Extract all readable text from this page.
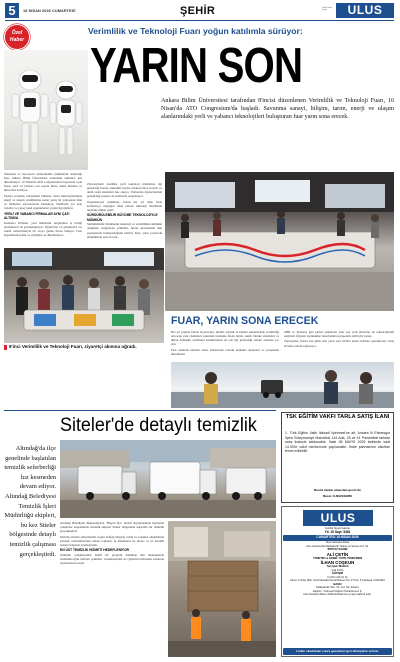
5	18 NİSAN 2026 CUMARTESİ	ŞEHİR	Günlük Siyasi Gazete	ULUS
Özel
Haber
Verimlilik ve Teknoloji Fuarı yoğun katılımla sürüyor:
YARIN SON
Ankara Bilim Üniversitesi tarafından 8'incisi düzenlenen Verimlilik ve Teknoloji Fuarı, 16 Nisan'da ATO Congresium'da başladı. Savunma sanayi, bilişim, tarım, enerji ve ulaşım alanlarındaki yerli ve yabancı teknolojileri buluşturan fuar yarın sona erecek.

Teknoloji ve inovasyon alanlarındaki yeniliklerin tanıtıldığı fuar, Ankara Bilim Üniversitesi tarafından sekizinci kez düzenleniyor. 16 Nisan'da ATO Congresium'da kapılarını açan fuara, yerli ve yabancı çok sayıda firma, kamu kurumu ve üniversite katılıyor.

Fuarda savunma sanayinden bilişime, tarım teknolojilerinden enerji ve ulaşım çözümlerine kadar geniş bir yelpazede ürün ve hizmetler ziyaretçilerle buluşuyor. Stantlarda yer alan robotlar ve yapay zekâ uygulamaları yoğun ilgi görüyor.

YERLİ VE YABANCI FİRMALAR AYNI ÇATI ALTINDA

Katılımcı firmalar, yeni ürünlerini sergilerken iş birliği görüşmeleri de gerçekleştiriyor. Öğrenciler ve girişimciler ise sektör temsilcileriyle bir araya gelme fırsatı buluyor. Fuar kapsamında panel ve söyleşiler de düzenleniyor.

Ziyaretçilerin özellikle yerli teknoloji ürünlerine ilgi gösterdiği fuarda, elektrikli araçlar, insansız hava araçları ve akıllı tarım sistemleri öne çıkıyor. Üniversite öğrencilerinin geliştirdiği projeler de stantlarda sergileniyor.

Organizasyon yetkilileri, fuarın her yıl daha fazla katılımcıya ulaştığını ifade ederek teknoloji üretiminin önemine dikkat çekti.

SÜRDÜRÜLEBİLİR BÜYÜME TEKNOLOJİYLE MÜMKÜN

Sürdürülebilir büyümenin teknoloji ve verimlilikle mümkün olduğunu vurgulayan yetkililer, fuarın ekosistemin tüm paydaşlarını buluşturduğunu belirtti. Fuar, yarın yapılacak etkinliklerle sona erecek.

FUAR, YARIN SONA ERECEK

Her yıl yapılan fuarda ziyaretçiler; üretim, lojistik ve hizmet sektörlerinde verimliliği artıracak yeni çözümleri yakından inceleme fırsatı buldu. Akıllı fabrika sistemleri ve dijital dönüşüm çözümleri katılımcıların en çok ilgi gösterdiği alanlar arasında yer aldı.

Fuar alanında kurulan demo alanlarında robotik kodlama atölyeleri ve yarışmalar düzenlendi.

ABB ve Siemens gibi global şirketlerin yanı sıra yerli üreticiler de teknolojilerini sergiledi. Öğrenci toplulukları hazırladıkları projelerle ödül için yarıştı.

Ziyaretçiler, fuarın son günü olan yarın saat 18.00'e kadar stantları gezebilecek. Giriş ücretsiz olarak sağlanıyor.

8'inci Verimlilik ve Teknoloji Fuarı, ziyaretçi akınına uğradı.
Siteler'de detaylı temizlik
Altındağ'da ilçe genelinde başlatılan temizlik seferberliği hız kesmeden devam ediyor. Altındağ Belediyesi Temizlik İşleri Müdürlüğü ekipleri, bu kez Siteler bölgesinde detaylı temizlik çalışması gerçekleştirdi.

Altındağ Belediyesi Başkanlığı'nın "Hijyen İlçe" hedefi doğrultusunda başlatılan çalışmalar kapsamında temizlik ekipleri Siteler bölgesinde kapsamlı bir temizlik gerçekleştirdi.

Mobilya üretim atölyelerinin yoğun olduğu bölgede cadde ve sokaklar süpürülerek yıkandı, kaldırımlardaki atıklar toplandı. İş makineleri ile moloz ve iri hacimli atıklar bölgeden uzaklaştırıldı.

EN ÜST TEMİZLİK HİZMETİ HEDEFLENİYOR

Temizlik çalışmalarının belirli bir program dahilinde tüm mahallelerde sürdürüleceğini belirten yetkililer, vatandaşlardan da çöplerini belirlenen saatlerde çıkarmalarını istedi.

TSK EĞİTİM VAKFI TARLA SATIŞ İLANI
1. Türk Eğitim Vakfı İktisadi İşletmesi'ne ait, Ankara İli Etimesgut İlçesi Süleymaniye Mahallesi 144 Ada, 25 ve 41 Parseldeki tarlalar satış ihaleyle satılacaktır. İhale 08 MAYIS 2026 tarihinde saat 14.00'te vakıf merkezinde yapılacaktır. İhale şartnamesi vakıftan temin edilebilir.
Resmi ilanlar www.ilan.gov.tr'de
Basın: ILN02449950
ULUS

Günlük Siyasi Gazete

Yıl: 15 Sayı: 5481

CUMARTESİ 18 NİSAN 2026

Ulus Gazetesi Adına

Ulus Gazetecilik Matbaacılık Ticaret ve Sanayi Ltd. Şti.

İMTİYAZ SAHİBİ

ALİ ÇETİN

YÖNETİM ve GENEL YAYIN YÖNETMENİ

İLHAN COŞKUN

Yazı İşleri Müdürü

Çağ KAYA

İLETİŞİM

0 (312) 419 21 21

Adres: Kızılay Mah. Gazi Mustafa Kemal Bulvarı No: 27 Kat: 5 Çankaya / ANKARA

BASKI

Matbaacılık San. Tic. Ltd. Şti. Ankara

Dağıtım: Turkuvaz Dağıtım Pazarlama A.Ş.

Ulus Gazetesi Basın Ahlak Esaslarına uymayı taahhüt eder.

Lütfen okuduktan sonra gazetenizi geri dönüşüme veriniz.
